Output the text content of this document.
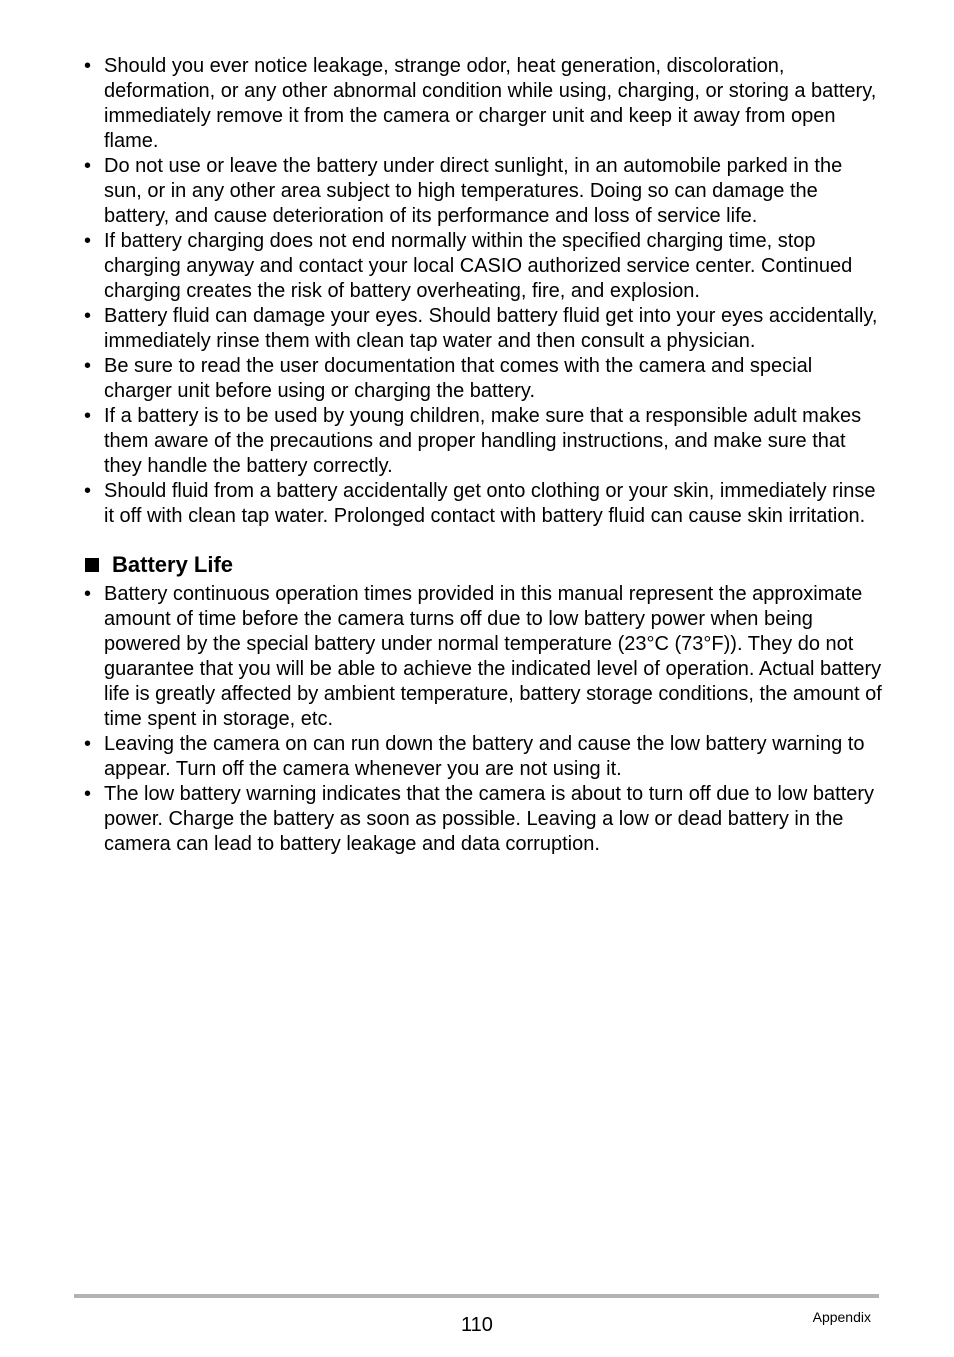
• Should you ever notice leakage, strange odor, heat generation, discoloration, deformation, or any other abnormal condition while using, charging, or storing a battery, immediately remove it from the camera or charger unit and keep it away from open flame.
• Do not use or leave the battery under direct sunlight, in an automobile parked in the sun, or in any other area subject to high temperatures. Doing so can damage the battery, and cause deterioration of its performance and loss of service life.
• If battery charging does not end normally within the specified charging time, stop charging anyway and contact your local CASIO authorized service center. Continued charging creates the risk of battery overheating, fire, and explosion.
• Battery fluid can damage your eyes. Should battery fluid get into your eyes accidentally, immediately rinse them with clean tap water and then consult a physician.
• Be sure to read the user documentation that comes with the camera and special charger unit before using or charging the battery.
• If a battery is to be used by young children, make sure that a responsible adult makes them aware of the precautions and proper handling instructions, and make sure that they handle the battery correctly.
• Should fluid from a battery accidentally get onto clothing or your skin, immediately rinse it off with clean tap water. Prolonged contact with battery fluid can cause skin irritation.
Battery Life
• Battery continuous operation times provided in this manual represent the approximate amount of time before the camera turns off due to low battery power when being powered by the special battery under normal temperature (23°C (73°F)). They do not guarantee that you will be able to achieve the indicated level of operation. Actual battery life is greatly affected by ambient temperature, battery storage conditions, the amount of time spent in storage, etc.
• Leaving the camera on can run down the battery and cause the low battery warning to appear. Turn off the camera whenever you are not using it.
• The low battery warning indicates that the camera is about to turn off due to low battery power. Charge the battery as soon as possible. Leaving a low or dead battery in the camera can lead to battery leakage and data corruption.
110	Appendix
